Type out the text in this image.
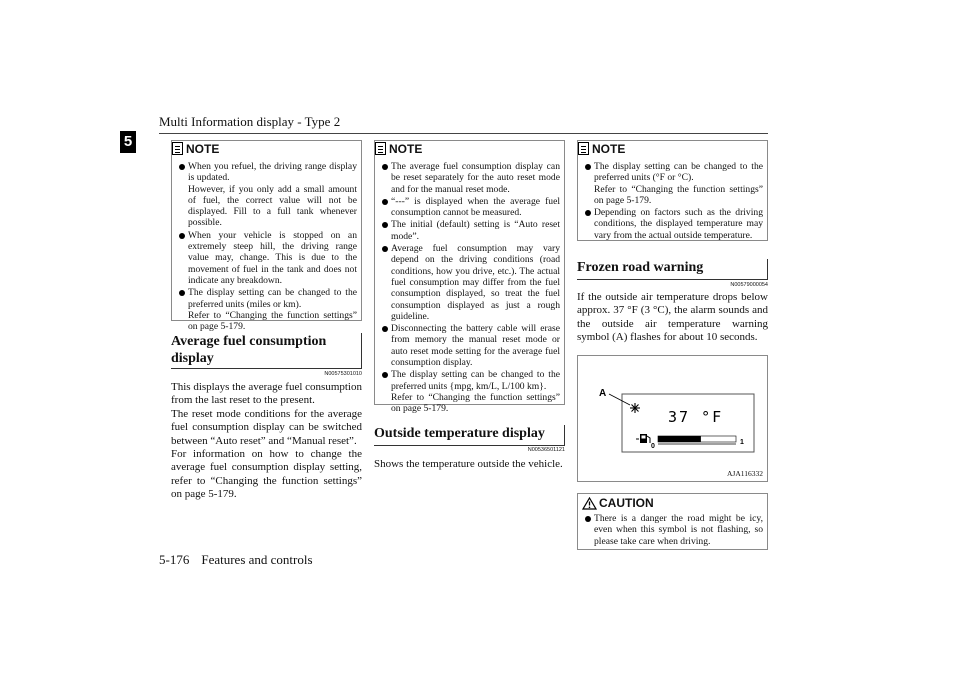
Multi Information display - Type 2
5	NOTE
When you refuel, the driving range display is updated.
However, if you only add a small amount of fuel, the correct value will not be displayed. Fill to a full tank whenever possible.
When your vehicle is stopped on an extremely steep hill, the driving range value may, change. This is due to the movement of fuel in the tank and does not indicate any breakdown.
The display setting can be changed to the preferred units (miles or km).
Refer to “Changing the function settings” on page 5-179.
Average fuel consumption display
N00575301010
This displays the average fuel consumption from the last reset to the present.
The reset mode conditions for the average fuel consumption display can be switched between “Auto reset” and “Manual reset”.
For information on how to change the average fuel consumption display setting, refer to “Changing the function settings” on page 5-179.
NOTE
The average fuel consumption display can be reset separately for the auto reset mode and for the manual reset mode.
“---” is displayed when the average fuel consumption cannot be measured.
The initial (default) setting is “Auto reset mode”.
Average fuel consumption may vary depend on the driving conditions (road conditions, how you drive, etc.). The actual fuel consumption may differ from the fuel consumption displayed, so treat the fuel consumption displayed as just a rough guideline.
Disconnecting the battery cable will erase from memory the manual reset mode or auto reset mode setting for the average fuel consumption display.
The display setting can be changed to the preferred units {mpg, km/L, L/100 km}.
Refer to “Changing the function settings” on page 5-179.
Outside temperature display
N00536501121
Shows the temperature outside the vehicle.
NOTE
The display setting can be changed to the preferred units (°F or °C).
Refer to “Changing the function settings” on page 5-179.
Depending on factors such as the driving conditions, the displayed temperature may vary from the actual outside temperature.
Frozen road warning
N00579000054
If the outside air temperature drops below approx. 37 °F (3 °C), the alarm sounds and the outside air temperature warning symbol (A) flashes for about 10 seconds.
A
37 °F
0
1
AJA116332
CAUTION
There is a danger the road might be icy, even when this symbol is not flashing, so please take care when driving.
5-176 Features and controls
